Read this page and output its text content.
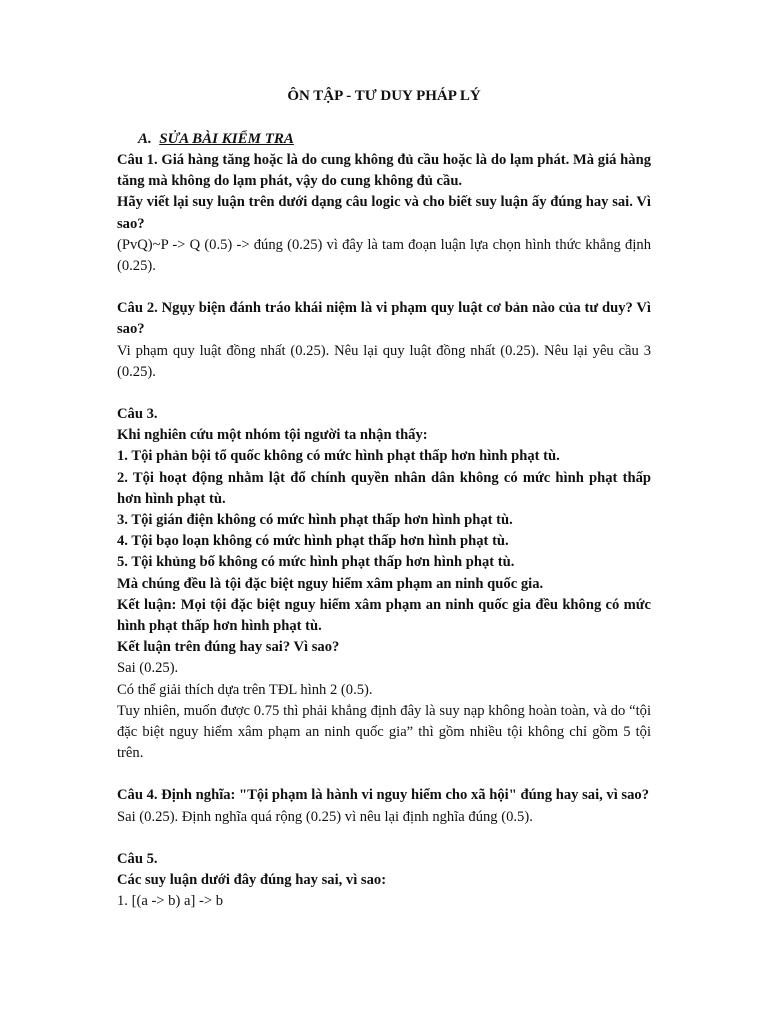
ÔN TẬP - TƯ DUY PHÁP LÝ
A. SỬA BÀI KIỂM TRA

Câu 1. Giá hàng tăng hoặc là do cung không đủ cầu hoặc là do lạm phát. Mà giá hàng tăng mà không do lạm phát, vậy do cung không đủ cầu.

Hãy viết lại suy luận trên dưới dạng câu logic và cho biết suy luận ấy đúng hay sai. Vì sao?

(PvQ)~P -> Q (0.5) -> đúng (0.25) vì đây là tam đoạn luận lựa chọn hình thức khẳng định (0.25).

Câu 2. Ngụy biện đánh tráo khái niệm là vi phạm quy luật cơ bản nào của tư duy? Vì sao?

Vi phạm quy luật đồng nhất (0.25). Nêu lại quy luật đồng nhất (0.25). Nêu lại yêu cầu 3 (0.25).

Câu 3.

Khi nghiên cứu một nhóm tội người ta nhận thấy:

1. Tội phản bội tổ quốc không có mức hình phạt thấp hơn hình phạt tù.

2. Tội hoạt động nhằm lật đổ chính quyền nhân dân không có mức hình phạt thấp hơn hình phạt tù.

3. Tội gián điện không có mức hình phạt thấp hơn hình phạt tù.

4. Tội bạo loạn không có mức hình phạt thấp hơn hình phạt tù.

5. Tội khủng bố không có mức hình phạt thấp hơn hình phạt tù.

Mà chúng đều là tội đặc biệt nguy hiểm xâm phạm an ninh quốc gia.

Kết luận: Mọi tội đặc biệt nguy hiểm xâm phạm an ninh quốc gia đều không có mức hình phạt thấp hơn hình phạt tù.

Kết luận trên đúng hay sai? Vì sao?

Sai (0.25).

Có thể giải thích dựa trên TĐL hình 2 (0.5).

Tuy nhiên, muốn được 0.75 thì phải khẳng định đây là suy nạp không hoàn toàn, và do “tội đặc biệt nguy hiểm xâm phạm an ninh quốc gia” thì gồm nhiều tội không chỉ gồm 5 tội trên.

Câu 4. Định nghĩa: "Tội phạm là hành vi nguy hiểm cho xã hội" đúng hay sai, vì sao?

Sai (0.25). Định nghĩa quá rộng (0.25) vì nêu lại định nghĩa đúng (0.5).

Câu 5.

Các suy luận dưới đây đúng hay sai, vì sao:

1. [(a -> b) a] -> b
